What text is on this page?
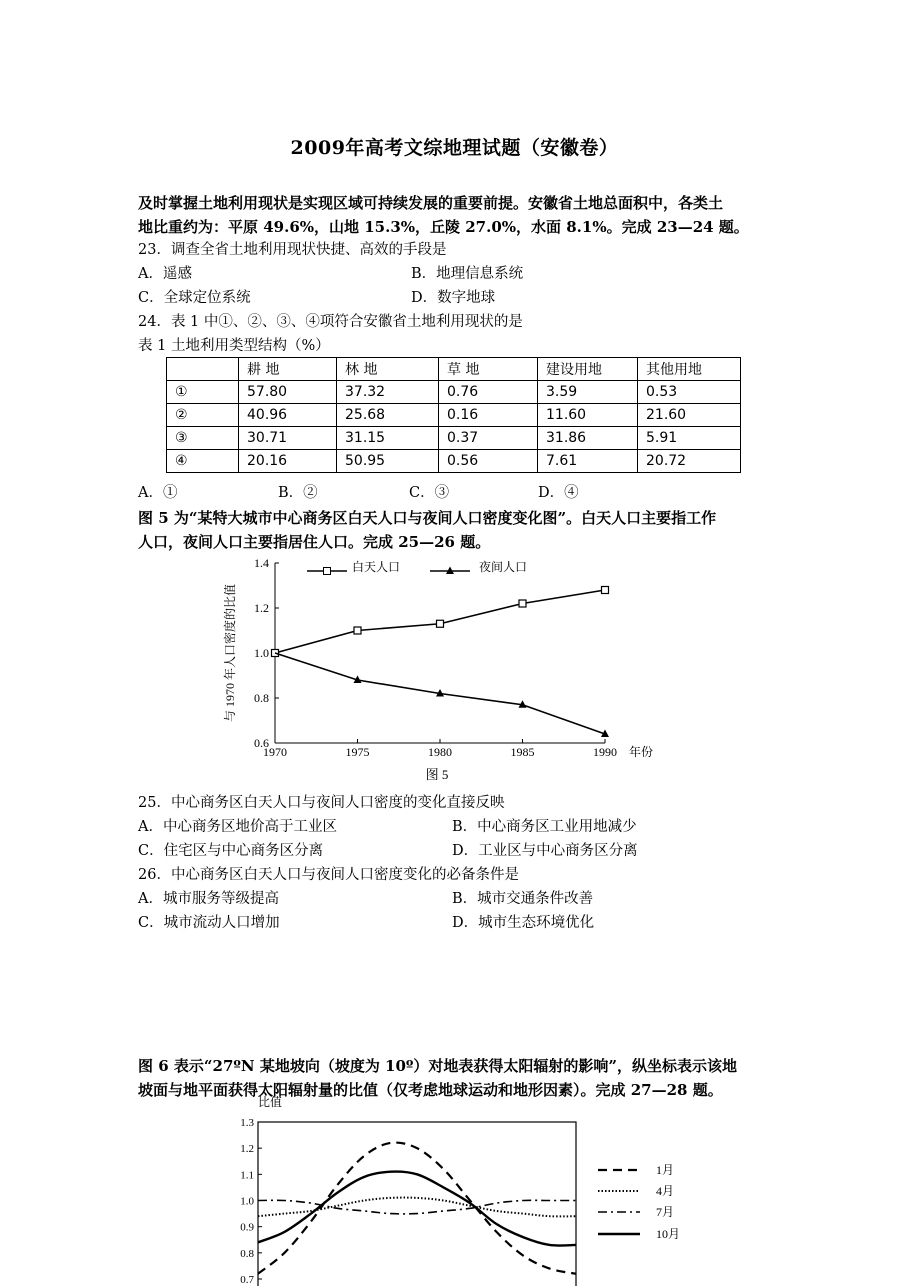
2009年高考文综地理试题（安徽卷）
及时掌握土地利用现状是实现区域可持续发展的重要前提。安徽省土地总面积中，各类土
地比重约为：平原 49.6%，山地 15.3%，丘陵 27.0%，水面 8.1%。完成 23—24 题。
23．调查全省土地利用现状快捷、高效的手段是
A．遥感	B．地理信息系统
C．全球定位系统	D．数字地球
24．表 1 中①、②、③、④项符合安徽省土地利用现状的是
表 1 土地利用类型结构（%）
	耕 地	林 地	草 地	建设用地	其他用地
①	57.80	37.32	0.76	3.59	0.53
②	40.96	25.68	0.16	11.60	21.60
③	30.71	31.15	0.37	31.86	5.91
④	20.16	50.95	0.56	7.61	20.72
A．①	B．②	C．③	D．④
图 5 为“某特大城市中心商务区白天人口与夜间人口密度变化图”。白天人口主要指工作
人口，夜间人口主要指居住人口。完成 25—26 题。
1.4
1.2
1.0
0.8
0.6
1970	1975	1980	1985	1990 年份
与 1970 年人口密度的比值
白天人口	夜间人口
图 5
25．中心商务区白天人口与夜间人口密度的变化直接反映
A．中心商务区地价高于工业区	B．中心商务区工业用地减少
C．住宅区与中心商务区分离	D．工业区与中心商务区分离
26．中心商务区白天人口与夜间人口密度变化的必备条件是
A．城市服务等级提高	B．城市交通条件改善
C．城市流动人口增加	D．城市生态环境优化
图 6 表示“27ºN 某地坡向（坡度为 10º）对地表获得太阳辐射的影响”，纵坐标表示该地
坡面与地平面获得太阳辐射量的比值（仅考虑地球运动和地形因素）。完成 27—28 题。
比值
1.3
1.2
1.1
1.0
0.9
0.8
0.7
1月
4月
7月
10月
